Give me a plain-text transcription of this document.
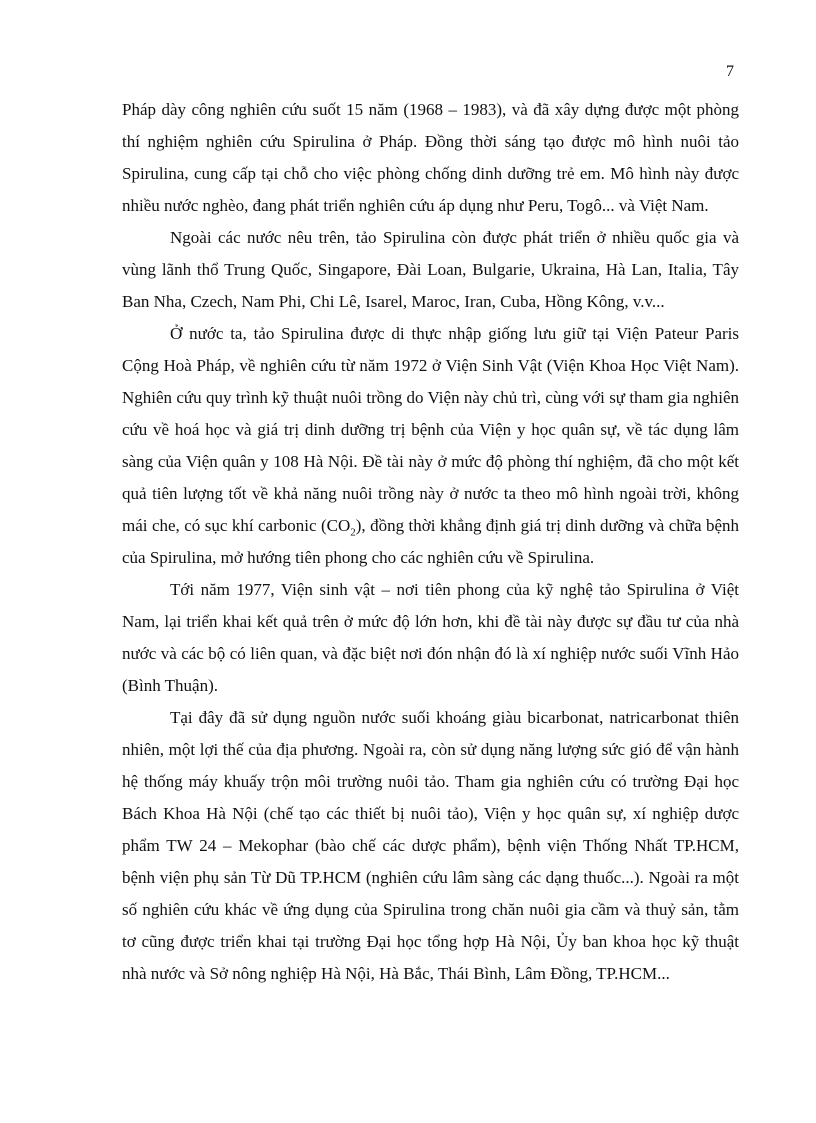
7

Pháp dày công nghiên cứu suốt 15 năm (1968 – 1983), và đã xây dựng được một phòng thí nghiệm nghiên cứu Spirulina ở Pháp. Đồng thời sáng tạo được mô hình nuôi tảo Spirulina, cung cấp tại chỗ cho việc phòng chống dinh dưỡng trẻ em. Mô hình này được nhiều nước nghèo, đang phát triển nghiên cứu áp dụng như Peru, Togô... và Việt Nam.

Ngoài các nước nêu trên, tảo Spirulina còn được phát triển ở nhiều quốc gia và vùng lãnh thổ Trung Quốc, Singapore, Đài Loan, Bulgarie, Ukraina, Hà Lan, Italia, Tây Ban Nha, Czech, Nam Phi, Chi Lê, Isarel, Maroc, Iran, Cuba, Hồng Kông, v.v...

Ở nước ta, tảo Spirulina được di thực nhập giống lưu giữ tại Viện Pateur Paris Cộng Hoà Pháp, về nghiên cứu từ năm 1972 ở Viện Sinh Vật (Viện Khoa Học Việt Nam). Nghiên cứu quy trình kỹ thuật nuôi trồng do Viện này chủ trì, cùng với sự tham gia nghiên cứu về hoá học và giá trị dinh dưỡng trị bệnh của Viện y học quân sự, về tác dụng lâm sàng của Viện quân y 108 Hà Nội. Đề tài này ở mức độ phòng thí nghiệm, đã cho một kết quả tiên lượng tốt về khả năng nuôi trồng này ở nước ta theo mô hình ngoài trời, không mái che, có sục khí carbonic $(CO_2)$, đồng thời khẳng định giá trị dinh dưỡng và chữa bệnh của Spirulina, mở hướng tiên phong cho các nghiên cứu về Spirulina.

Tới năm 1977, Viện sinh vật – nơi tiên phong của kỹ nghệ tảo Spirulina ở Việt Nam, lại triển khai kết quả trên ở mức độ lớn hơn, khi đề tài này được sự đầu tư của nhà nước và các bộ có liên quan, và đặc biệt nơi đón nhận đó là xí nghiệp nước suối Vĩnh Hảo (Bình Thuận).

Tại đây đã sử dụng nguồn nước suối khoáng giàu bicarbonat, natricarbonat thiên nhiên, một lợi thế của địa phương. Ngoài ra, còn sử dụng năng lượng sức gió để vận hành hệ thống máy khuấy trộn môi trường nuôi tảo. Tham gia nghiên cứu có trường Đại học Bách Khoa Hà Nội (chế tạo các thiết bị nuôi tảo), Viện y học quân sự, xí nghiệp dược phẩm TW 24 – Mekophar (bào chế các dược phẩm), bệnh viện Thống Nhất TP.HCM, bệnh viện phụ sản Từ Dũ TP.HCM (nghiên cứu lâm sàng các dạng thuốc...). Ngoài ra một số nghiên cứu khác về ứng dụng của Spirulina trong chăn nuôi gia cầm và thuỷ sản, tằm tơ cũng được triển khai tại trường Đại học tổng hợp Hà Nội, Ủy ban khoa học kỹ thuật nhà nước và Sở nông nghiệp Hà Nội, Hà Bắc, Thái Bình, Lâm Đồng, TP.HCM...
